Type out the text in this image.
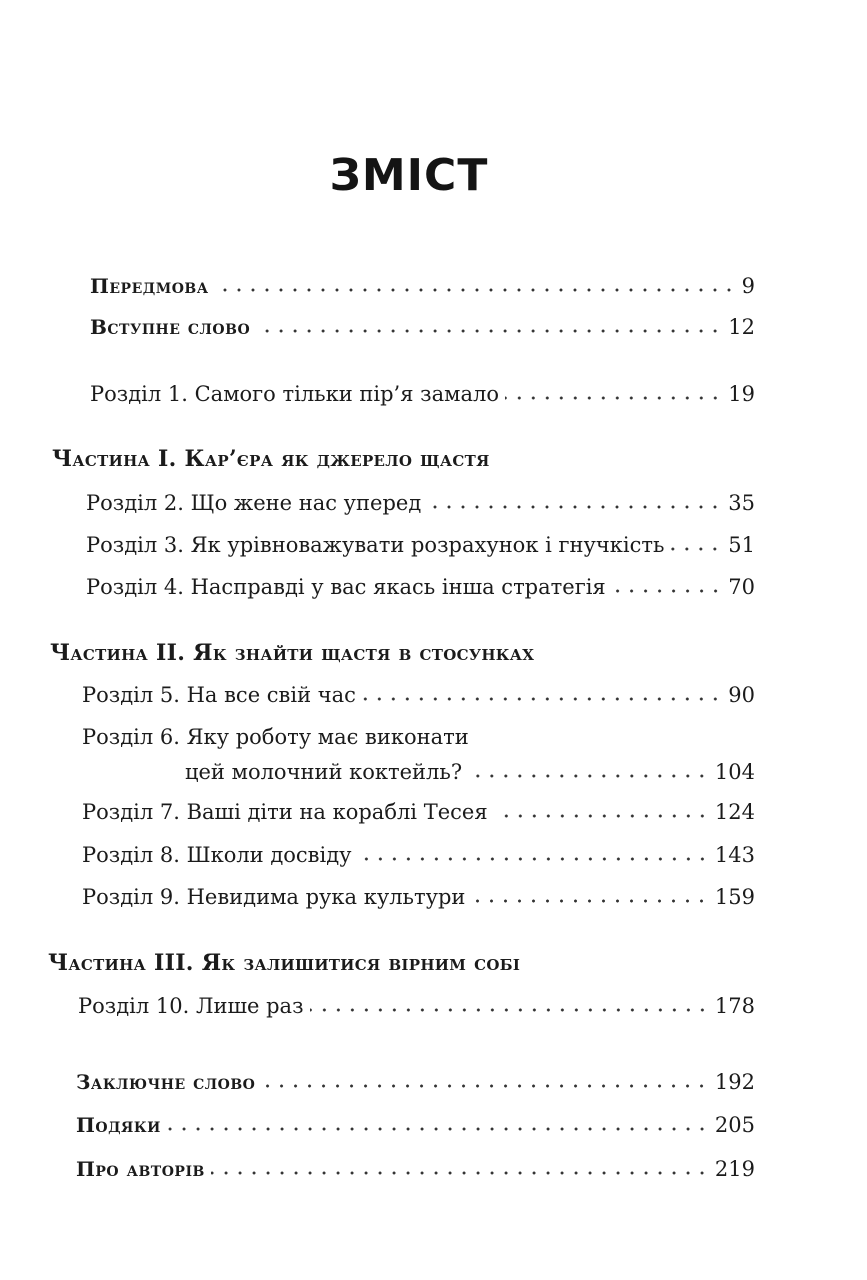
ЗМІСТ
Передмова	9
Вступне слово	12
Розділ 1. Самого тільки пір’я замало	19
Частина I. Кар’єра як джерело щастя
Розділ 2. Що жене нас уперед	35
Розділ 3. Як урівноважувати розрахунок і гнучкість	51
Розділ 4. Насправді у вас якась інша стратегія	70
Частина II. Як знайти щастя в стосунках
Розділ 5. На все свій час	90
Розділ 6. Яку роботу має виконати
цей молочний коктейль?	104
Розділ 7. Ваші діти на кораблі Тесея	124
Розділ 8. Школи досвіду	143
Розділ 9. Невидима рука культури	159
Частина III. Як залишитися вірним собі
Розділ 10. Лише раз	178
Заключне слово	192
Подяки	205
Про авторів	219
